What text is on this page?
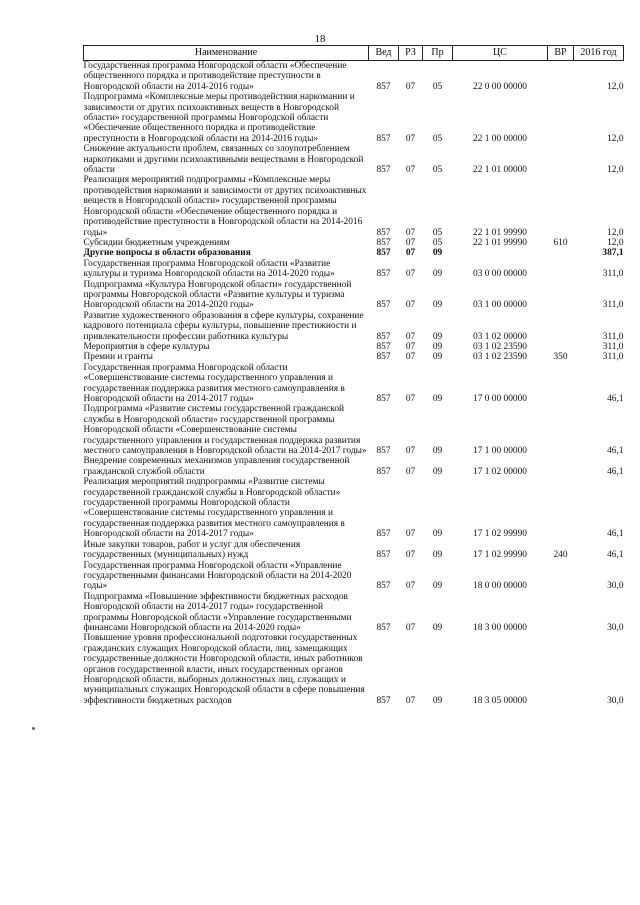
18
Наименование	Вед	РЗ	Пр	ЦС	ВР	2016 год
Государственная программа Новгородской области «Обеспечение общественного порядка и противодействие преступности в Новгородской области на 2014-2016 годы»	857	07	05	22 0 00 00000		12,0
Подпрограмма «Комплексные меры противодействия наркомании и зависимости от других психоактивных веществ в Новгородской области» государственной программы Новгородской области «Обеспечение общественного порядка и противодействие преступности в Новгородской области на 2014-2016 годы»	857	07	05	22 1 00 00000		12,0
Снижение актуальности проблем, связанных со злоупотреблением наркотиками и другими психоактивными веществами в Новгородской области	857	07	05	22 1 01 00000		12,0
Реализация мероприятий подпрограммы «Комплексные меры противодействия наркомании и зависимости от других психоактивных веществ в Новгородской области» государственной программы Новгородской области «Обеспечение общественного порядка и противодействие преступности в Новгородской области на 2014-2016 годы»	857	07	05	22 1 01 99990		12,0
Субсидии бюджетным учреждениям	857	07	05	22 1 01 99990	610	12,0
Другие вопросы в области образования	857	07	09			387,1
Государственная программа Новгородской области «Развитие культуры и туризма Новгородской области на 2014-2020 годы»	857	07	09	03 0 00 00000		311,0
Подпрограмма «Культура Новгородской области» государственной программы Новгородской области «Развитие культуры и туризма Новгородской области на 2014-2020 годы»	857	07	09	03 1 00 00000		311,0
Развитие художественного образования в сфере культуры, сохранение кадрового потенциала сферы культуры, повышение престижности и привлекательности профессии работника культуры	857	07	09	03 1 02 00000		311,0
Мероприятия в сфере культуры	857	07	09	03 1 02 23590		311,0
Премии и гранты	857	07	09	03 1 02 23590	350	311,0
Государственная программа Новгородской области «Совершенствование системы государственного управления и государственная поддержка развития местного самоуправления в Новгородской области на 2014-2017 годы»	857	07	09	17 0 00 00000		46,1
Подпрограмма «Развитие системы государственной гражданской службы в Новгородской области» государственной программы Новгородской области «Совершенствование системы государственного управления и государственная поддержка развития местного самоуправления в Новгородской области на 2014-2017 годы»	857	07	09	17 1 00 00000		46,1
Внедрение современных механизмов управления государственной гражданской службой области	857	07	09	17 1 02 00000		46,1
Реализация мероприятий подпрограммы «Развитие системы государственной гражданской службы в Новгородской области» государственной программы Новгородской области «Совершенствование системы государственного управления и государственная поддержка развития местного самоуправления в Новгородской области на 2014-2017 годы»	857	07	09	17 1 02 99990		46,1
Иные закупки товаров, работ и услуг для обеспечения государственных (муниципальных) нужд	857	07	09	17 1 02 99990	240	46,1
Государственная программа Новгородской области «Управление государственными финансами Новгородской области на 2014-2020 годы»	857	07	09	18 0 00 00000		30,0
Подпрограмма «Повышение эффективности бюджетных расходов Новгородской области на 2014-2017 годы» государственной программы Новгородской области «Управление государственными финансами Новгородской области на 2014-2020 годы»	857	07	09	18 3 00 00000		30,0
Повышение уровня профессиональной подготовки государственных гражданских служащих Новгородской области, лиц, замещающих государственные должности Новгородской области, иных работников органов государственной власти, иных государственных органов Новгородской области, выборных должностных лиц, служащих и муниципальных служащих Новгородской области в сфере повышения эффективности бюджетных расходов	857	07	09	18 3 05 00000		30,0
